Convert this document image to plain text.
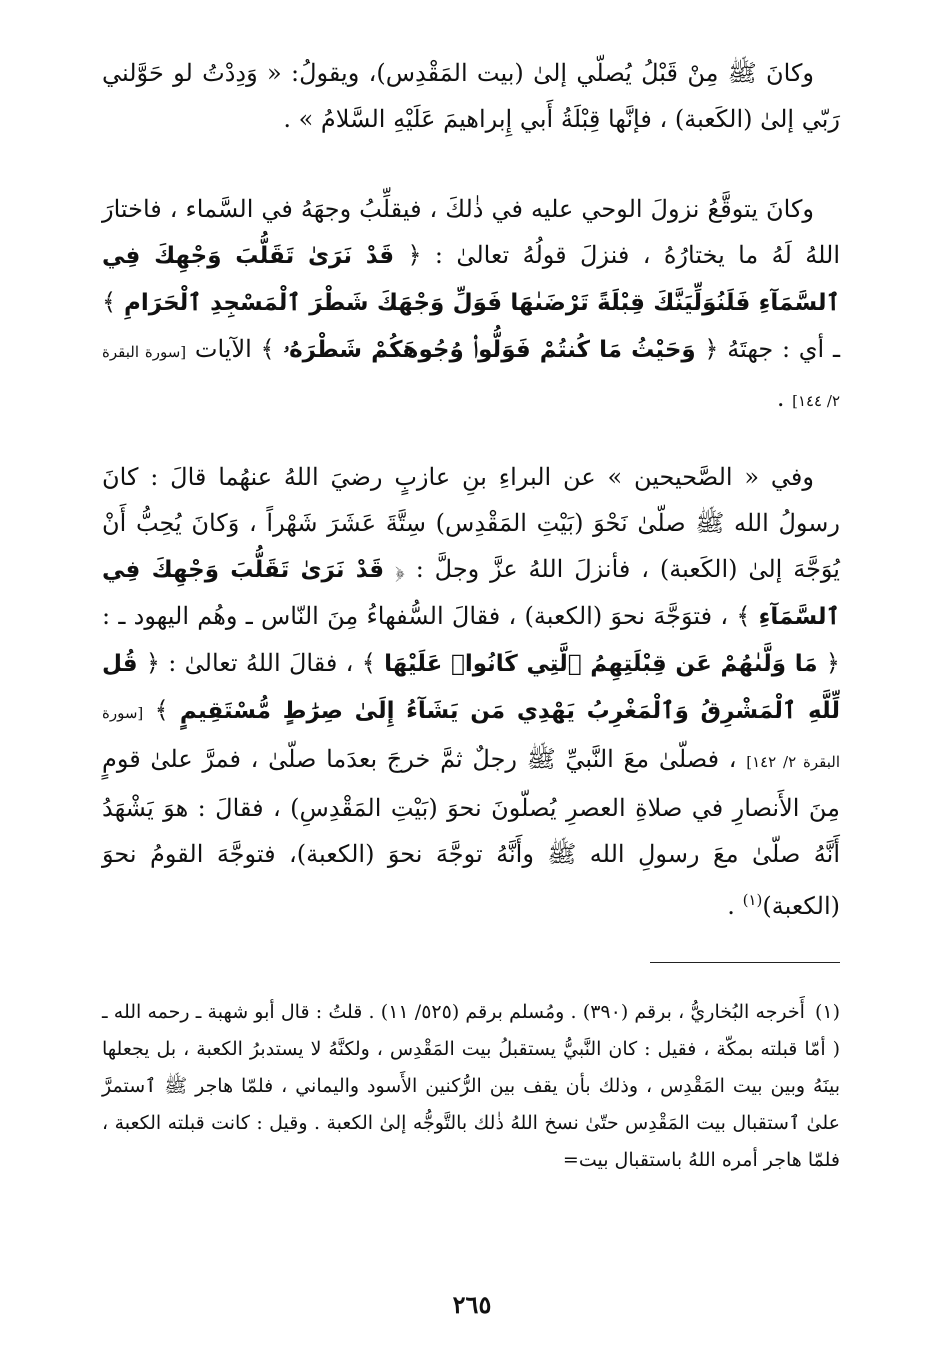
وكانَ ﷺ مِنْ قَبْلُ يُصلّي إلىٰ (بيت المَقْدِس)، ويقولُ: « وَدِدْتُ لو حَوَّلني رَبّي إلىٰ (الكَعبة) ، فإنَّها قِبْلَةُ أَبي إِبراهيمَ عَلَيْهِ السَّلامُ » .

وكانَ يتوقَّعُ نزولَ الوحي عليه في ذٰلكَ ، فيقلِّبُ وجهَهُ في السَّماء ، فاختارَ اللهُ لَهُ ما يختارُهُ ، فنزلَ قولُهُ تعالىٰ : ﴿ قَدْ نَرَىٰ تَقَلُّبَ وَجْهِكَ فِي ٱلسَّمَآءِ فَلَنُوَلِّيَنَّكَ قِبْلَةً تَرْضَىٰهَا فَوَلِّ وَجْهَكَ شَطْرَ ٱلْمَسْجِدِ ٱلْحَرَامِ ﴾ ـ أي : جهتَهُ ﴿ وَحَيْثُ مَا كُنتُمْ فَوَلُّوا۟ وُجُوهَكُمْ شَطْرَهُۥ ﴾ الآيات [سورة البقرة ٢/ ١٤٤] .

وفي « الصَّحيحين » عن البراءِ بنِ عازبٍ رضيَ اللهُ عنهُما قالَ : كانَ رسولُ الله ﷺ صلّىٰ نَحْوَ (بَيْتِ المَقْدِس) سِتَّةَ عَشَرَ شَهْراً ، وَكانَ يُحِبُّ أَنْ يُوَجَّهَ إلىٰ (الكَعبة) ، فأنزلَ اللهُ عزَّ وجلَّ : ﴿ قَدْ نَرَىٰ تَقَلُّبَ وَجْهِكَ فِي ٱلسَّمَآءِ ﴾ ، فتوَجَّهَ نحوَ (الكعبة) ، فقالَ السُّفهاءُ مِنَ النّاس ـ وهُم اليهود ـ : ﴿ مَا وَلَّىٰهُمْ عَن قِبْلَتِهِمُ ٱلَّتِي كَانُوا۟ عَلَيْهَا ﴾ ، فقالَ اللهُ تعالىٰ : ﴿ قُل لِّلَّهِ ٱلْمَشْرِقُ وَٱلْمَغْرِبُ يَهْدِي مَن يَشَآءُ إِلَىٰ صِرَٰطٍ مُّسْتَقِيمٍ ﴾ [سورة البقرة ٢/ ١٤٢] ، فصلّىٰ معَ النَّبيِّ ﷺ رجلٌ ثمَّ خرجَ بعدَما صلّىٰ ، فمرَّ علىٰ قومٍ مِنَ الأَنصارِ في صلاةِ العصرِ يُصلّونَ نحوَ (بَيْتِ المَقْدِسِ) ، فقالَ : هوَ يَشْهَدُ أَنَّهُ صلّىٰ معَ رسولِ الله ﷺ وأَنَّهُ توجَّهَ نحوَ (الكعبة)، فتوجَّهَ القومُ نحوَ (الكعبة)$^{(١)}$ .

(١)أَخرجه البُخاريُّ ، برقم (٣٩٠) . ومُسلم برقم (٥٢٥/ ١١) . قلتُ : قال أبو شهبة ـ رحمه الله ـ ( أمّا قبلته بمكّة ، فقيل : كان النَّبيُّ يستقبلُ بيت المَقْدِس ، ولكنَّهُ لا يستدبرُ الكعبة ، بل يجعلها بينَهُ وبين بيت المَقْدِس ، وذلك بأن يقف بين الرُّكنين الأَسود واليماني ، فلمّا هاجر ﷺ ٱستمرَّ علىٰ ٱستقبال بيت المَقْدِس حتّىٰ نسخ اللهُ ذٰلك بالتَّوجُّه إلىٰ الكعبة . وقيل : كانت قبلته الكعبة ، فلمّا هاجر أمره اللهُ باستقبال بيت=

٢٦٥
